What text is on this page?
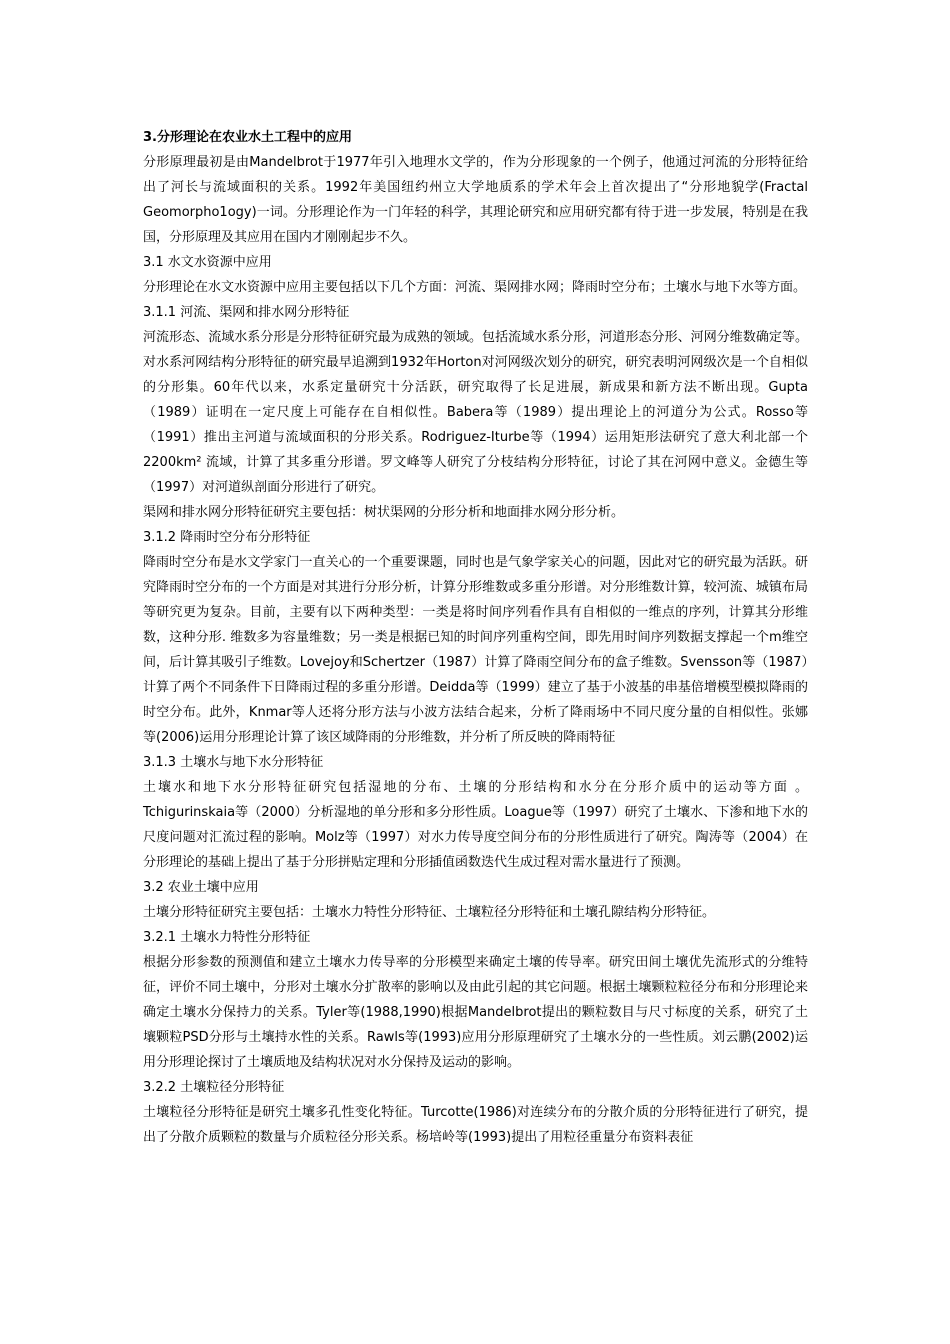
3.分形理论在农业水土工程中的应用

分形原理最初是由Mandelbrot于1977年引入地理水文学的，作为分形现象的一个例子，他通过河流的分形特征给出了河长与流域面积的关系。1992年美国纽约州立大学地质系的学术年会上首次提出了“分形地貌学(Fractal Geomorpho1ogy)一词。分形理论作为一门年轻的科学，其理论研究和应用研究都有待于进一步发展，特别是在我国，分形原理及其应用在国内才刚刚起步不久。

3.1 水文水资源中应用

分形理论在水文水资源中应用主要包括以下几个方面：河流、渠网排水网；降雨时空分布；土壤水与地下水等方面。

3.1.1 河流、渠网和排水网分形特征

河流形态、流域水系分形是分形特征研究最为成熟的领域。包括流域水系分形，河道形态分形、河网分维数确定等。对水系河网结构分形特征的研究最早追溯到1932年Horton对河网级次划分的研究，研究表明河网级次是一个自相似的分形集。60年代以来，水系定量研究十分活跃，研究取得了长足进展，新成果和新方法不断出现。Gupta（1989）证明在一定尺度上可能存在自相似性。Babera等（1989）提出理论上的河道分为公式。Rosso等（1991）推出主河道与流域面积的分形关系。Rodriguez-Iturbe等（1994）运用矩形法研究了意大利北部一个2200km² 流域，计算了其多重分形谱。罗文峰等人研究了分枝结构分形特征，讨论了其在河网中意义。金德生等（1997）对河道纵剖面分形进行了研究。

渠网和排水网分形特征研究主要包括：树状渠网的分形分析和地面排水网分形分析。

3.1.2 降雨时空分布分形特征

降雨时空分布是水文学家门一直关心的一个重要课题，同时也是气象学家关心的问题，因此对它的研究最为活跃。研究降雨时空分布的一个方面是对其进行分形分析，计算分形维数或多重分形谱。对分形维数计算，较河流、城镇布局等研究更为复杂。目前，主要有以下两种类型：一类是将时间序列看作具有自相似的一维点的序列，计算其分形维数，这种分形. 维数多为容量维数；另一类是根据已知的时间序列重构空间，即先用时间序列数据支撑起一个m维空间，后计算其吸引子维数。Lovejoy和Schertzer（1987）计算了降雨空间分布的盒子维数。Svensson等（1987）计算了两个不同条件下日降雨过程的多重分形谱。Deidda等（1999）建立了基于小波基的串基倍增模型模拟降雨的时空分布。此外，Knmar等人还将分形方法与小波方法结合起来，分析了降雨场中不同尺度分量的自相似性。张娜等(2006)运用分形理论计算了该区域降雨的分形维数，并分析了所反映的降雨特征

3.1.3 土壤水与地下水分形特征

土壤水和地下水分形特征研究包括湿地的分布、土壤的分形结构和水分在分形介质中的运动等方面 。Tchigurinskaia等（2000）分析湿地的单分形和多分形性质。Loague等（1997）研究了土壤水、下渗和地下水的尺度问题对汇流过程的影响。Molz等（1997）对水力传导度空间分布的分形性质进行了研究。陶涛等（2004）在分形理论的基础上提出了基于分形拼贴定理和分形插值函数迭代生成过程对需水量进行了预测。

3.2 农业土壤中应用

土壤分形特征研究主要包括：土壤水力特性分形特征、土壤粒径分形特征和土壤孔隙结构分形特征。

3.2.1 土壤水力特性分形特征

根据分形参数的预测值和建立土壤水力传导率的分形模型来确定土壤的传导率。研究田间土壤优先流形式的分维特征，评价不同土壤中，分形对土壤水分扩散率的影响以及由此引起的其它问题。根据土壤颗粒粒径分布和分形理论来确定土壤水分保持力的关系。Tyler等(1988,1990)根据Mandelbrot提出的颗粒数目与尺寸标度的关系，研究了土壤颗粒PSD分形与土壤持水性的关系。Rawls等(1993)应用分形原理研究了土壤水分的一些性质。刘云鹏(2002)运用分形理论探讨了土壤质地及结构状况对水分保持及运动的影响。

3.2.2 土壤粒径分形特征

土壤粒径分形特征是研究土壤多孔性变化特征。Turcotte(1986)对连续分布的分散介质的分形特征进行了研究，提出了分散介质颗粒的数量与介质粒径分形关系。杨培岭等(1993)提出了用粒径重量分布资料表征
